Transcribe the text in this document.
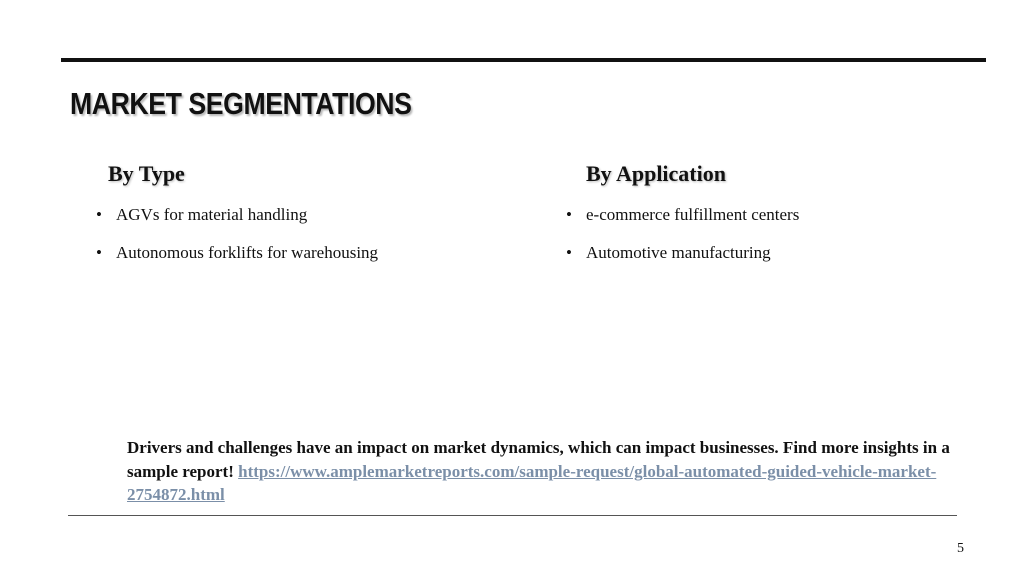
MARKET SEGMENTATIONS
By Type	By Application
• AGVs for material handling
• Autonomous forklifts for warehousing
• e-commerce fulfillment centers
• Automotive manufacturing

Drivers and challenges have an impact on market dynamics, which can impact businesses. Find more insights in a sample report! https://www.amplemarketreports.com/sample-request/global-automated-guided-vehicle-market-2754872.html

5
